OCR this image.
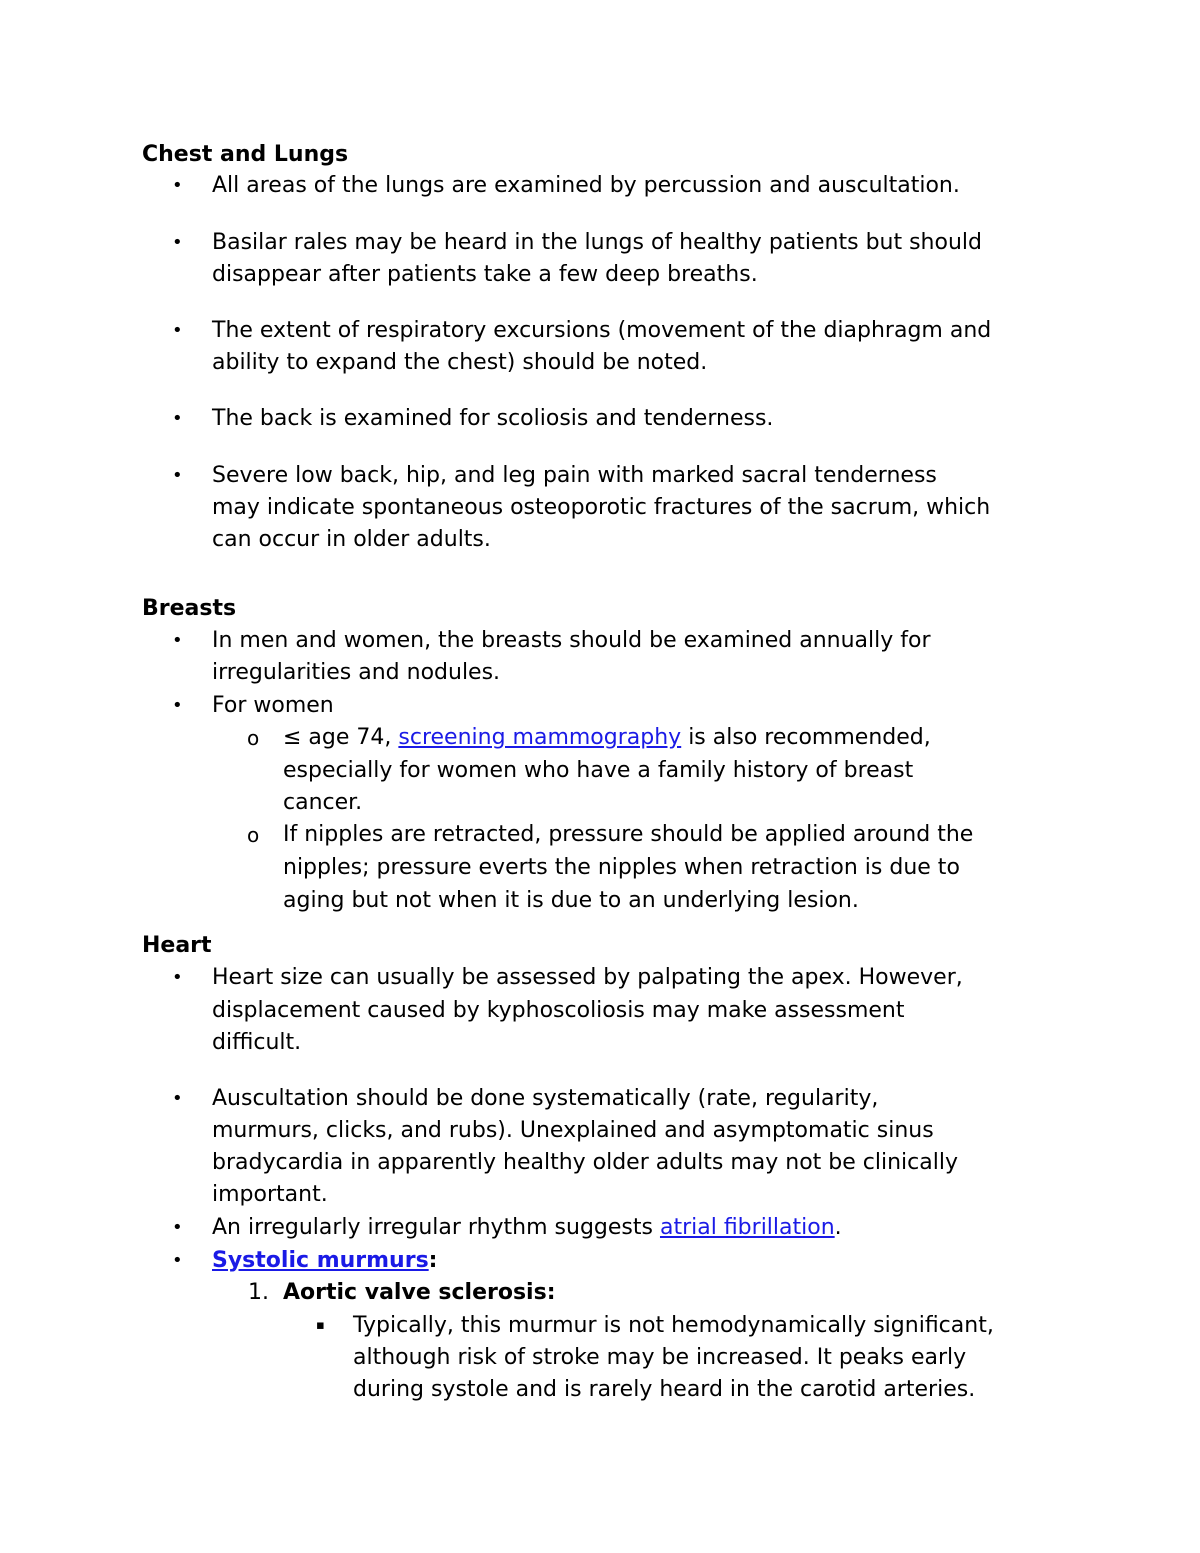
Chest and Lungs
• All areas of the lungs are examined by percussion and auscultation.
• Basilar rales may be heard in the lungs of healthy patients but should
disappear after patients take a few deep breaths.
• The extent of respiratory excursions (movement of the diaphragm and
ability to expand the chest) should be noted.
• The back is examined for scoliosis and tenderness.
• Severe low back, hip, and leg pain with marked sacral tenderness
may indicate spontaneous osteoporotic fractures of the sacrum, which
can occur in older adults.
Breasts
• In men and women, the breasts should be examined annually for
irregularities and nodules.
• For women
o ≤ age 74, screening mammography is also recommended,
especially for women who have a family history of breast
cancer.
o If nipples are retracted, pressure should be applied around the
nipples; pressure everts the nipples when retraction is due to
aging but not when it is due to an underlying lesion.
Heart
• Heart size can usually be assessed by palpating the apex. However,
displacement caused by kyphoscoliosis may make assessment
difficult.
• Auscultation should be done systematically (rate, regularity,
murmurs, clicks, and rubs). Unexplained and asymptomatic sinus
bradycardia in apparently healthy older adults may not be clinically
important.
• An irregularly irregular rhythm suggests atrial fibrillation.
• Systolic murmurs:
1. Aortic valve sclerosis:
▪ Typically, this murmur is not hemodynamically significant,
although risk of stroke may be increased. It peaks early
during systole and is rarely heard in the carotid arteries.
